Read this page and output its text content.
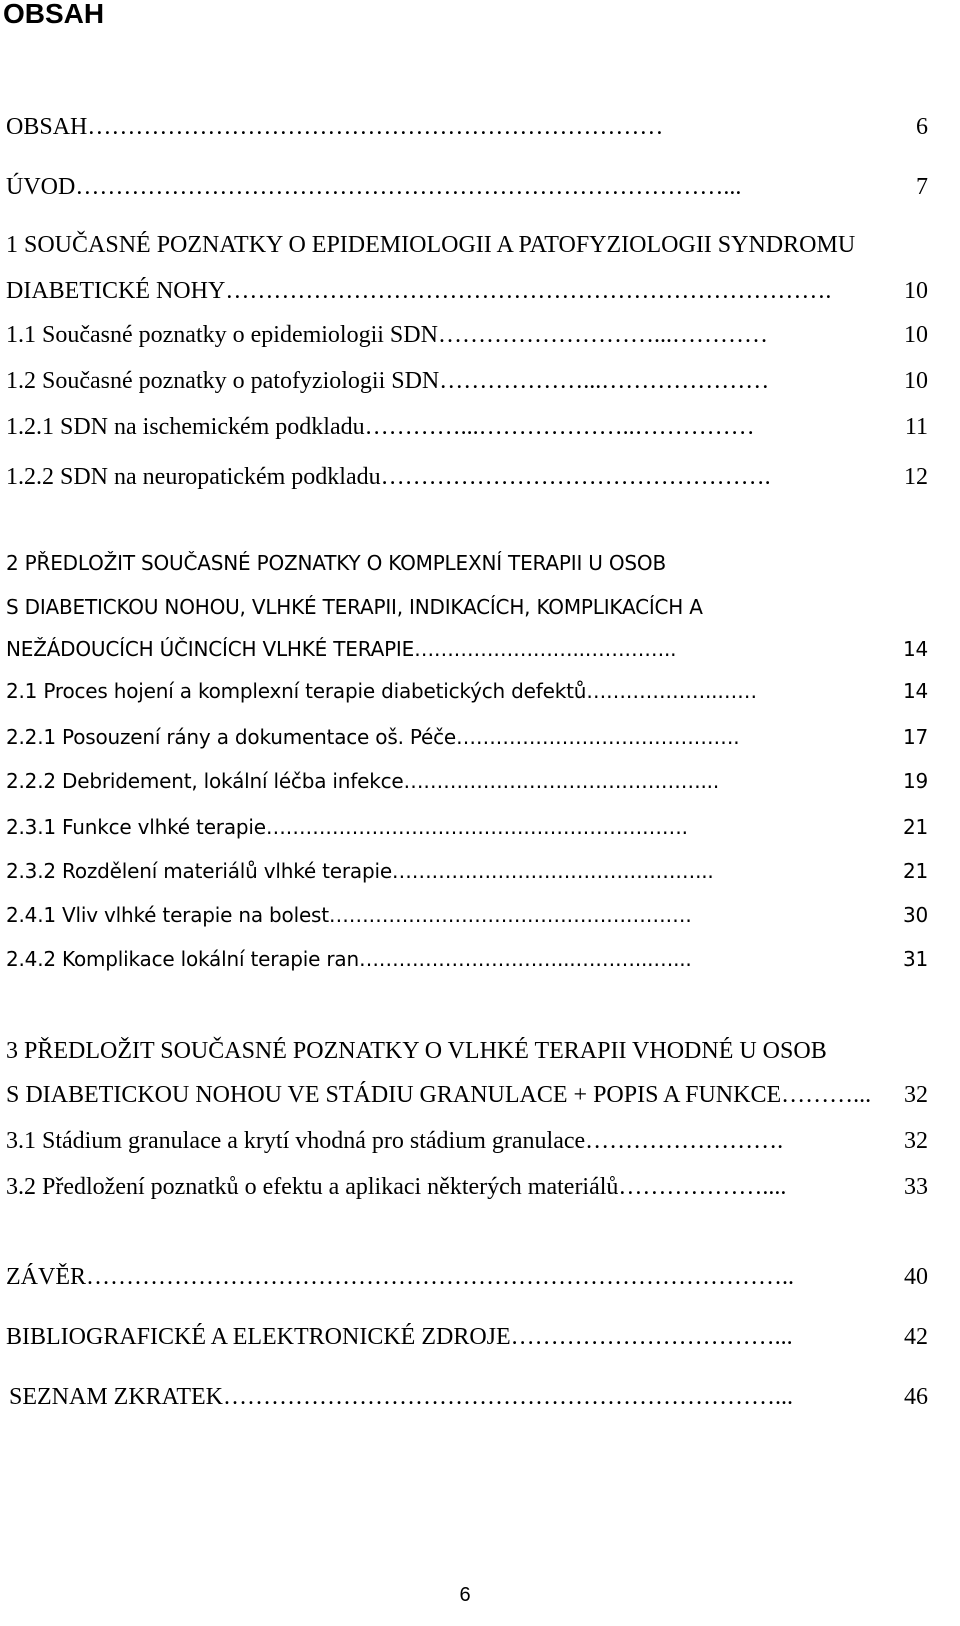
OBSAH
OBSAH………………………………………………………………	6
ÚVOD………………………………………………………………………...	7
1 SOUČASNÉ POZNATKY O EPIDEMIOLOGII A PATOFYZIOLOGII SYNDROMU
DIABETICKÉ NOHY………………………………………………………………….	10
1.1 Současné poznatky o epidemiologii SDN………………………...…………	10
1.2 Současné poznatky o patofyziologii SDN………………...…………………	10
1.2.1 SDN na ischemickém podkladu…………...………………..……………	11
1.2.2 SDN na neuropatickém podkladu………………………………………….	12
2 PŘEDLOŽIT SOUČASNÉ POZNATKY O KOMPLEXNÍ TERAPII U OSOB
S DIABETICKOU NOHOU, VLHKÉ TERAPII, INDIKACÍCH, KOMPLIKACÍCH A
NEŽÁDOUCÍCH ÚČINCÍCH VLHKÉ TERAPIE……………………..…………..	14
2.1 Proces hojení a komplexní terapie diabetických defektů………………..……	14
2.2.1 Posouzení rány a dokumentace oš. Péče…………………………………….	17
2.2.2 Debridement, lokální léčba infekce………………………………………...	19
2.3.1 Funkce vlhké terapie……………………………………………………….	21
2.3.2 Rozdělení materiálů vlhké terapie………………………………….……...	21
2.4.1 Vliv vlhké terapie na bolest……………………………………………….	30
2.4.2 Komplikace lokální terapie ran…………………………...………...…...	31
3 PŘEDLOŽIT SOUČASNÉ POZNATKY O VLHKÉ TERAPII VHODNÉ U OSOB
S DIABETICKOU NOHOU VE STÁDIU GRANULACE + POPIS A FUNKCE………... 32
3.1 Stádium granulace a krytí vhodná pro stádium granulace…………………….	32
3.2 Předložení poznatků o efektu a aplikaci některých materiálů………………....	33
ZÁVĚR……………………………………………………………………………..	40
BIBLIOGRAFICKÉ A ELEKTRONICKÉ ZDROJE……………………………...	42
SEZNAM ZKRATEK……………………………………………………………...	46
6
